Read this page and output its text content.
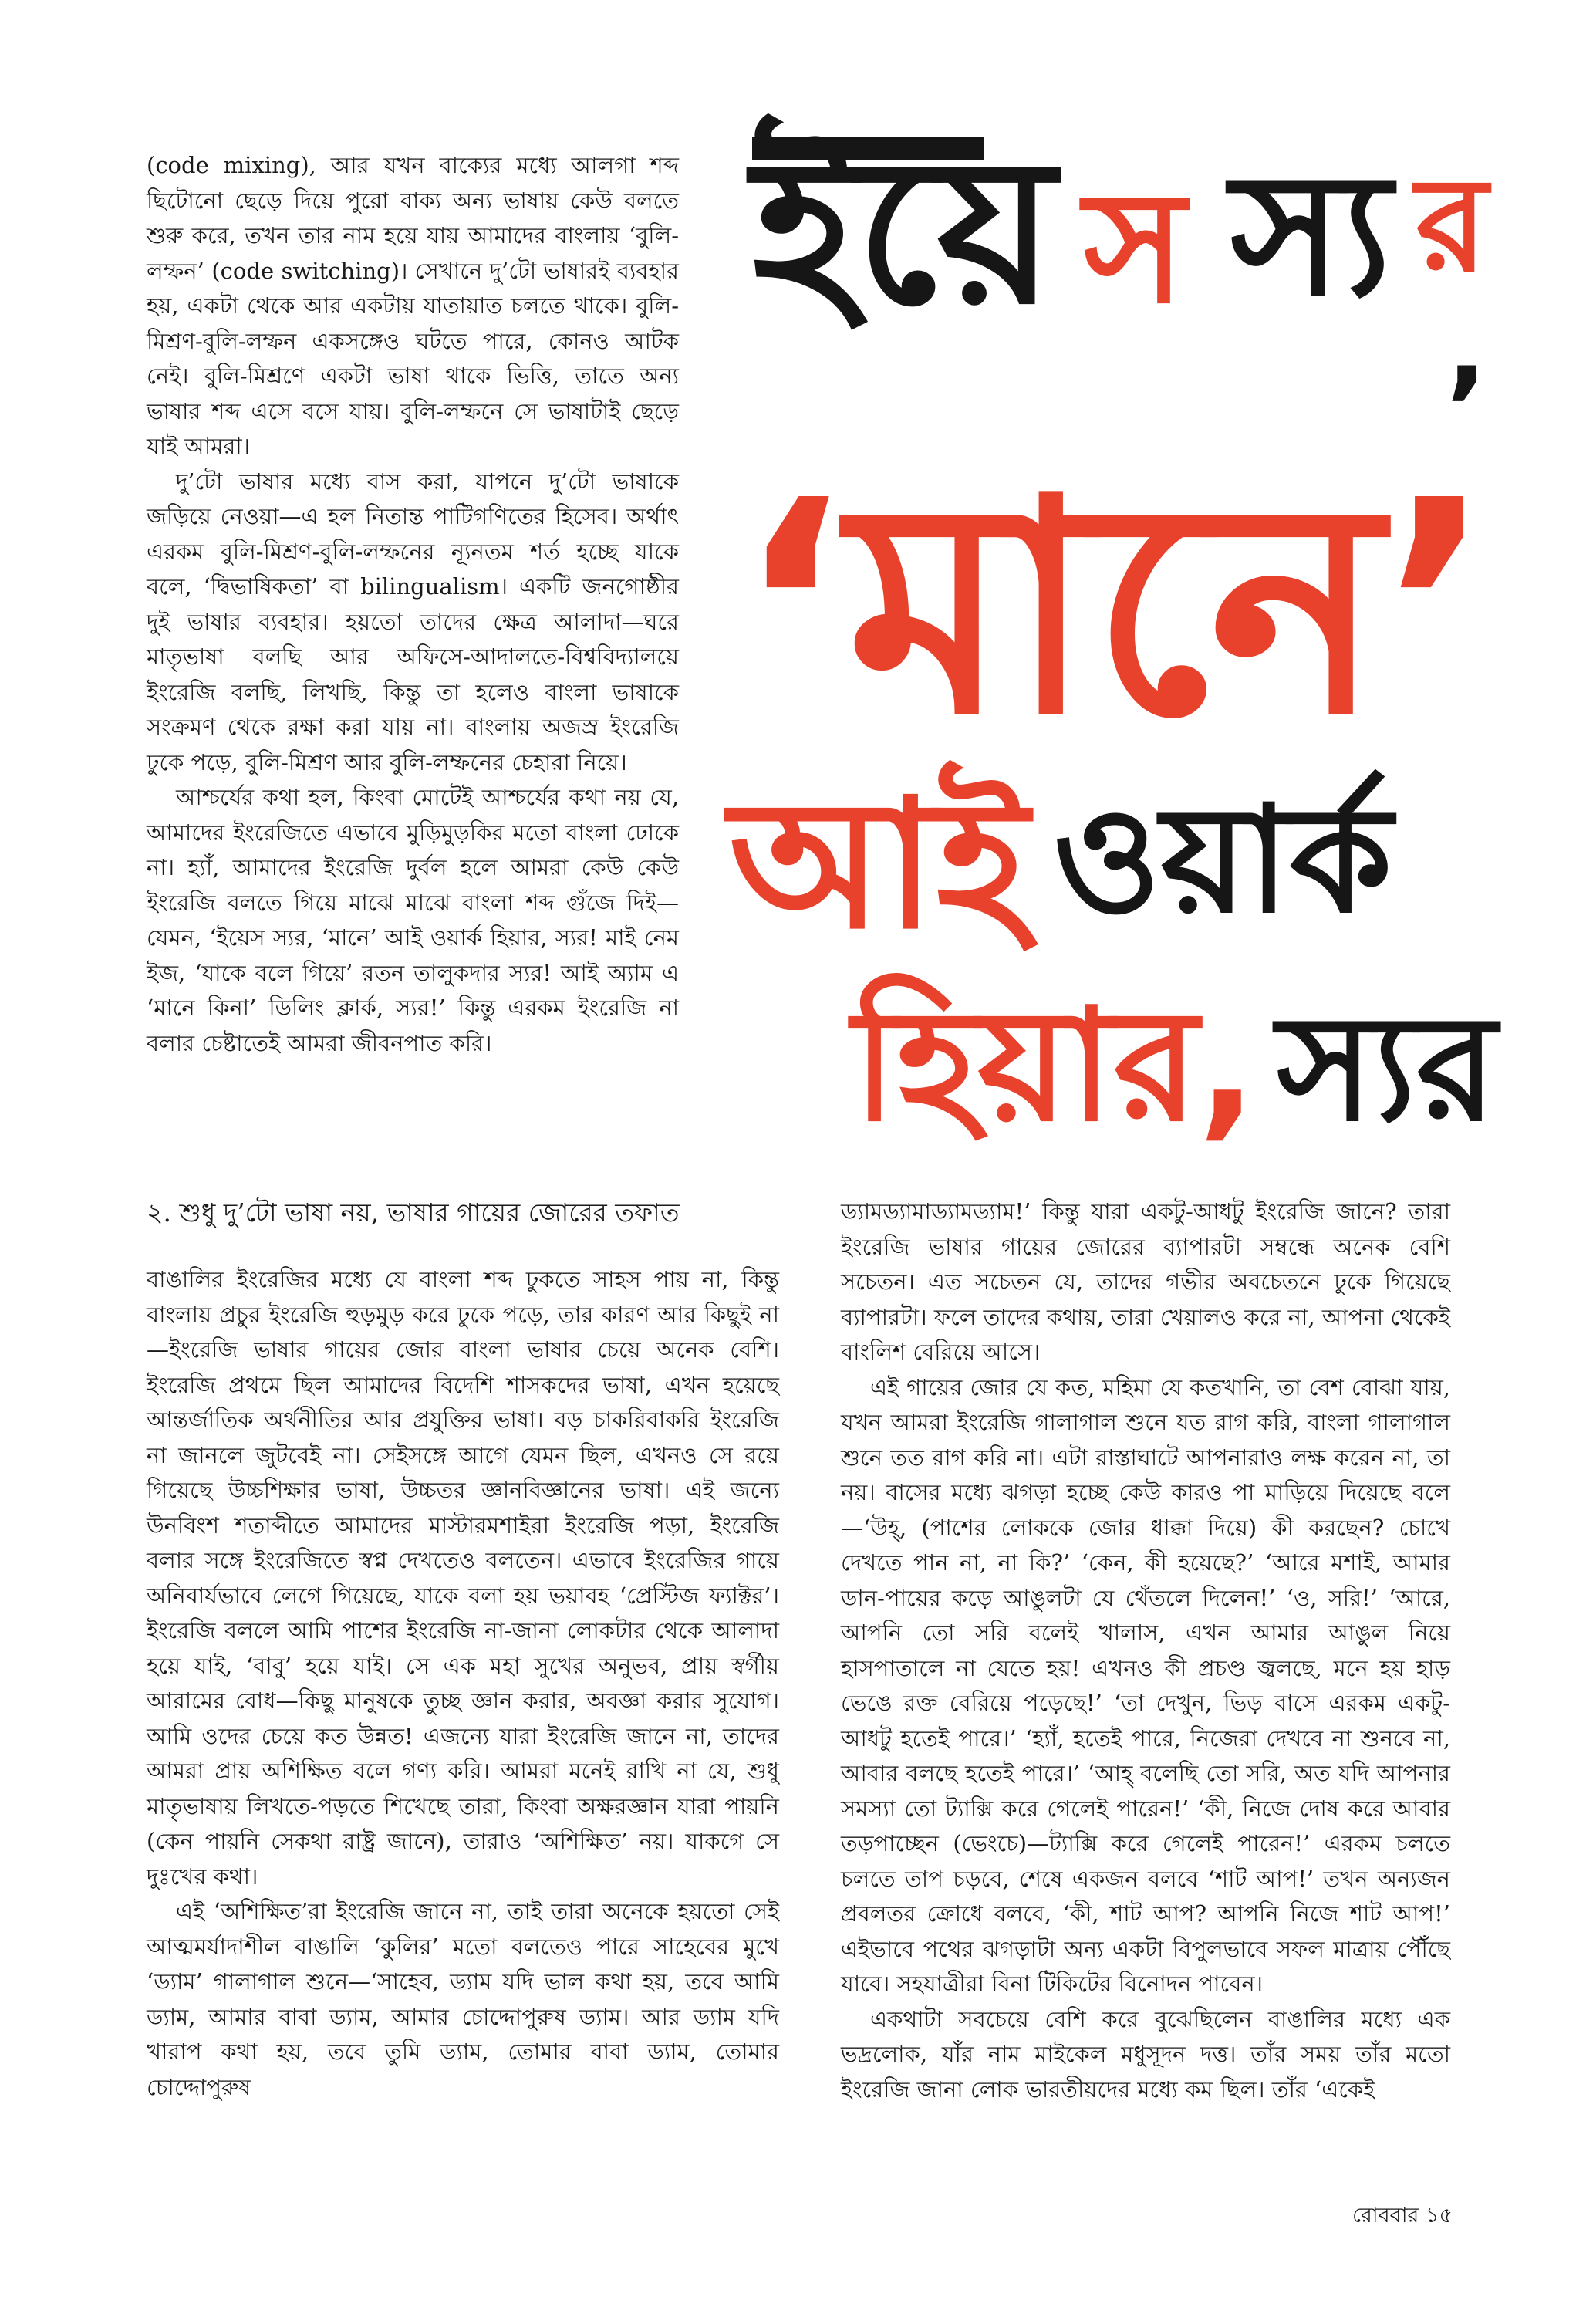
ইয়ে স স্য র
,
‘মানে’
আই ওয়ার্ক
হিয়ার, স্যর

(code mixing), আর যখন বাক্যের মধ্যে আলগা শব্দ ছিটোনো ছেড়ে দিয়ে পুরো বাক্য অন্য ভাষায় কেউ বলতে শুরু করে, তখন তার নাম হয়ে যায় আমাদের বাংলায় ‘বুলি-লম্ফন’ (code switching)। সেখানে দু’টো ভাষারই ব্যবহার হয়, একটা থেকে আর একটায় যাতায়াত চলতে থাকে। বুলি-মিশ্রণ-বুলি-লম্ফন একসঙ্গেও ঘটতে পারে, কোনও আটক নেই। বুলি-মিশ্রণে একটা ভাষা থাকে ভিত্তি, তাতে অন্য ভাষার শব্দ এসে বসে যায়। বুলি-লম্ফনে সে ভাষাটাই ছেড়ে যাই আমরা।

দু’টো ভাষার মধ্যে বাস করা, যাপনে দু’টো ভাষাকে জড়িয়ে নেওয়া—এ হল নিতান্ত পাটিগণিতের হিসেব। অর্থাৎ এরকম বুলি-মিশ্রণ-বুলি-লম্ফনের ন্যূনতম শর্ত হচ্ছে যাকে বলে, ‘দ্বিভাষিকতা’ বা bilingualism। একটি জনগোষ্ঠীর দুই ভাষার ব্যবহার। হয়তো তাদের ক্ষেত্র আলাদা—ঘরে মাতৃভাষা বলছি আর অফিসে-আদালতে-বিশ্ববিদ্যালয়ে ইংরেজি বলছি, লিখছি, কিন্তু তা হলেও বাংলা ভাষাকে সংক্রমণ থেকে রক্ষা করা যায় না। বাংলায় অজস্র ইংরেজি ঢুকে পড়ে, বুলি-মিশ্রণ আর বুলি-লম্ফনের চেহারা নিয়ে।

আশ্চর্যের কথা হল, কিংবা মোটেই আশ্চর্যের কথা নয় যে, আমাদের ইংরেজিতে এভাবে মুড়িমুড়কির মতো বাংলা ঢোকে না। হ্যাঁ, আমাদের ইংরেজি দুর্বল হলে আমরা কেউ কেউ ইংরেজি বলতে গিয়ে মাঝে মাঝে বাংলা শব্দ গুঁজে দিই—যেমন, ‘ইয়েস স্যর, ‘মানে’ আই ওয়ার্ক হিয়ার, স্যর! মাই নেম ইজ, ‘যাকে বলে গিয়ে’ রতন তালুকদার স্যর! আই অ্যাম এ ‘মানে কিনা’ ডিলিং ক্লার্ক, স্যর!’ কিন্তু এরকম ইংরেজি না বলার চেষ্টাতেই আমরা জীবনপাত করি।

২. শুধু দু’টো ভাষা নয়, ভাষার গায়ের জোরের তফাত

বাঙালির ইংরেজির মধ্যে যে বাংলা শব্দ ঢুকতে সাহস পায় না, কিন্তু বাংলায় প্রচুর ইংরেজি হুড়মুড় করে ঢুকে পড়ে, তার কারণ আর কিছুই না—ইংরেজি ভাষার গায়ের জোর বাংলা ভাষার চেয়ে অনেক বেশি। ইংরেজি প্রথমে ছিল আমাদের বিদেশি শাসকদের ভাষা, এখন হয়েছে আন্তর্জাতিক অর্থনীতির আর প্রযুক্তির ভাষা। বড় চাকরিবাকরি ইংরেজি না জানলে জুটবেই না। সেইসঙ্গে আগে যেমন ছিল, এখনও সে রয়ে গিয়েছে উচ্চশিক্ষার ভাষা, উচ্চতর জ্ঞানবিজ্ঞানের ভাষা। এই জন্যে উনবিংশ শতাব্দীতে আমাদের মাস্টারমশাইরা ইংরেজি পড়া, ইংরেজি বলার সঙ্গে ইংরেজিতে স্বপ্ন দেখতেও বলতেন। এভাবে ইংরেজির গায়ে অনিবার্যভাবে লেগে গিয়েছে, যাকে বলা হয় ভয়াবহ ‘প্রেস্টিজ ফ্যাক্টর’। ইংরেজি বললে আমি পাশের ইংরেজি না-জানা লোকটার থেকে আলাদা হয়ে যাই, ‘বাবু’ হয়ে যাই। সে এক মহা সুখের অনুভব, প্রায় স্বর্গীয় আরামের বোধ—কিছু মানুষকে তুচ্ছ জ্ঞান করার, অবজ্ঞা করার সুযোগ। আমি ওদের চেয়ে কত উন্নত! এজন্যে যারা ইংরেজি জানে না, তাদের আমরা প্রায় অশিক্ষিত বলে গণ্য করি। আমরা মনেই রাখি না যে, শুধু মাতৃভাষায় লিখতে-পড়তে শিখেছে তারা, কিংবা অক্ষরজ্ঞান যারা পায়নি (কেন পায়নি সেকথা রাষ্ট্র জানে), তারাও ‘অশিক্ষিত’ নয়। যাকগে সে দুঃখের কথা।

এই ‘অশিক্ষিত’রা ইংরেজি জানে না, তাই তারা অনেকে হয়তো সেই আত্মমর্যাদাশীল বাঙালি ‘কুলির’ মতো বলতেও পারে সাহেবের মুখে ‘ড্যাম’ গালাগাল শুনে—‘সাহেব, ড্যাম যদি ভাল কথা হয়, তবে আমি ড্যাম, আমার বাবা ড্যাম, আমার চোদ্দোপুরুষ ড্যাম। আর ড্যাম যদি খারাপ কথা হয়, তবে তুমি ড্যাম, তোমার বাবা ড্যাম, তোমার চোদ্দোপুরুষ

ড্যামড্যামাড্যামড্যাম!’ কিন্তু যারা একটু-আধটু ইংরেজি জানে? তারা ইংরেজি ভাষার গায়ের জোরের ব্যাপারটা সম্বন্ধে অনেক বেশি সচেতন। এত সচেতন যে, তাদের গভীর অবচেতনে ঢুকে গিয়েছে ব্যাপারটা। ফলে তাদের কথায়, তারা খেয়ালও করে না, আপনা থেকেই বাংলিশ বেরিয়ে আসে।

এই গায়ের জোর যে কত, মহিমা যে কতখানি, তা বেশ বোঝা যায়, যখন আমরা ইংরেজি গালাগাল শুনে যত রাগ করি, বাংলা গালাগাল শুনে তত রাগ করি না। এটা রাস্তাঘাটে আপনারাও লক্ষ করেন না, তা নয়। বাসের মধ্যে ঝগড়া হচ্ছে কেউ কারও পা মাড়িয়ে দিয়েছে বলে—‘উহ্, (পাশের লোককে জোর ধাক্কা দিয়ে) কী করছেন? চোখে দেখতে পান না, না কি?’ ‘কেন, কী হয়েছে?’ ‘আরে মশাই, আমার ডান-পায়ের কড়ে আঙুলটা যে থেঁতলে দিলেন!’ ‘ও, সরি!’ ‘আরে, আপনি তো সরি বলেই খালাস, এখন আমার আঙুল নিয়ে হাসপাতালে না যেতে হয়! এখনও কী প্রচণ্ড জ্বলছে, মনে হয় হাড় ভেঙে রক্ত বেরিয়ে পড়েছে!’ ‘তা দেখুন, ভিড় বাসে এরকম একটু-আধটু হতেই পারে।’ ‘হ্যাঁ, হতেই পারে, নিজেরা দেখবে না শুনবে না, আবার বলছে হতেই পারে।’ ‘আহ্ বলেছি তো সরি, অত যদি আপনার সমস্যা তো ট্যাক্সি করে গেলেই পারেন!’ ‘কী, নিজে দোষ করে আবার তড়পাচ্ছেন (ভেংচে)—ট্যাক্সি করে গেলেই পারেন!’ এরকম চলতে চলতে তাপ চড়বে, শেষে একজন বলবে ‘শাট আপ!’ তখন অন্যজন প্রবলতর ক্রোধে বলবে, ‘কী, শাট আপ? আপনি নিজে শাট আপ!’ এইভাবে পথের ঝগড়াটা অন্য একটা বিপুলভাবে সফল মাত্রায় পৌঁছে যাবে। সহযাত্রীরা বিনা টিকিটের বিনোদন পাবেন।

একথাটা সবচেয়ে বেশি করে বুঝেছিলেন বাঙালির মধ্যে এক ভদ্রলোক, যাঁর নাম মাইকেল মধুসূদন দত্ত। তাঁর সময় তাঁর মতো ইংরেজি জানা লোক ভারতীয়দের মধ্যে কম ছিল। তাঁর ‘একেই

রোববার ১৫
